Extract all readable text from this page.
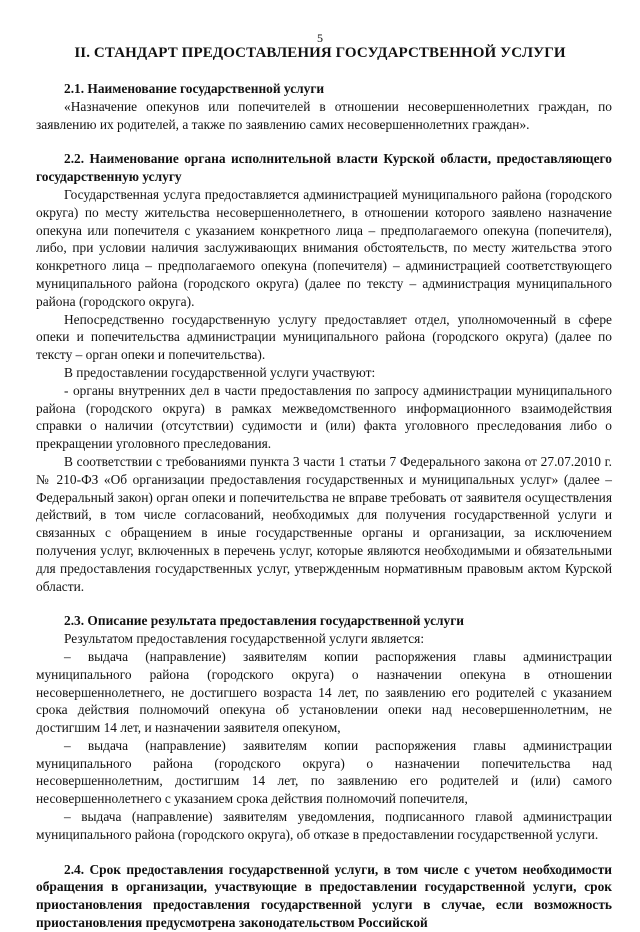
5
II. СТАНДАРТ ПРЕДОСТАВЛЕНИЯ ГОСУДАРСТВЕННОЙ УСЛУГИ
2.1. Наименование государственной услуги

«Назначение опекунов или попечителей в отношении несовершеннолетних граждан, по заявлению их родителей, а также по заявлению самих несовершеннолетних граждан».

2.2. Наименование органа исполнительной власти Курской области, предоставляющего государственную услугу

Государственная услуга предоставляется администрацией муниципального района (городского округа) по месту жительства несовершеннолетнего, в отношении которого заявлено назначение опекуна или попечителя с указанием конкретного лица – предполагаемого опекуна (попечителя), либо, при условии наличия заслуживающих внимания обстоятельств, по месту жительства этого конкретного лица – предполагаемого опекуна (попечителя) – администрацией соответствующего муниципального района (городского округа) (далее по тексту – администрация муниципального района (городского округа).

Непосредственно государственную услугу предоставляет отдел, уполномоченный в сфере опеки и попечительства администрации муниципального района (городского округа) (далее по тексту – орган опеки и попечительства).

В предоставлении государственной услуги участвуют:

- органы внутренних дел в части предоставления по запросу администрации муниципального района (городского округа) в рамках межведомственного информационного взаимодействия справки о наличии (отсутствии) судимости и (или) факта уголовного преследования либо о прекращении уголовного преследования.

В соответствии с требованиями пункта 3 части 1 статьи 7 Федерального закона от 27.07.2010 г. № 210-ФЗ «Об организации предоставления государственных и муниципальных услуг» (далее – Федеральный закон) орган опеки и попечительства не вправе требовать от заявителя осуществления действий, в том числе согласований, необходимых для получения государственной услуги и связанных с обращением в иные государственные органы и организации, за исключением получения услуг, включенных в перечень услуг, которые являются необходимыми и обязательными для предоставления государственных услуг, утвержденным нормативным правовым актом Курской области.

2.3. Описание результата предоставления государственной услуги

Результатом предоставления государственной услуги является:

– выдача (направление) заявителям копии распоряжения главы администрации муниципального района (городского округа) о назначении опекуна в отношении несовершеннолетнего, не достигшего возраста 14 лет, по заявлению его родителей с указанием срока действия полномочий опекуна об установлении опеки над несовершеннолетним, не достигшим 14 лет, и назначении заявителя опекуном,

– выдача (направление) заявителям копии распоряжения главы администрации муниципального района (городского округа) о назначении попечительства над несовершеннолетним, достигшим 14 лет, по заявлению его родителей и (или) самого несовершеннолетнего с указанием срока действия полномочий попечителя,

– выдача (направление) заявителям уведомления, подписанного главой администрации муниципального района (городского округа), об отказе в предоставлении государственной услуги.

2.4. Срок предоставления государственной услуги, в том числе с учетом необходимости обращения в организации, участвующие в предоставлении государственной услуги, срок приостановления предоставления государственной услуги в случае, если возможность приостановления предусмотрена законодательством Российской
